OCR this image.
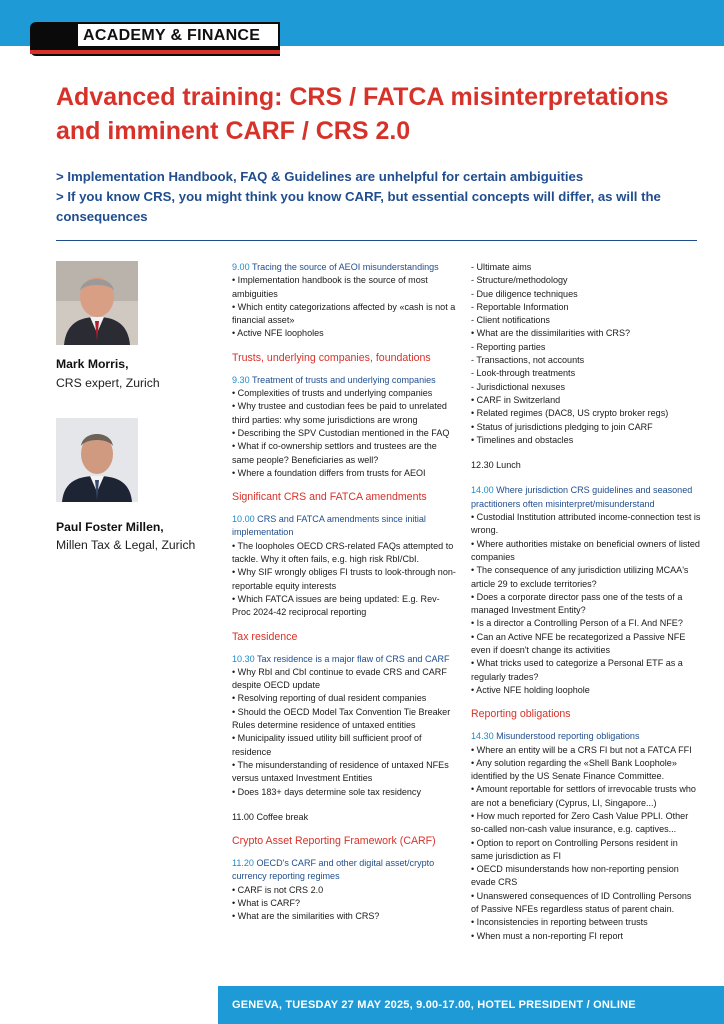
ACADEMY & FINANCE
Advanced training: CRS / FATCA misinterpretations and imminent CARF / CRS 2.0
> Implementation Handbook, FAQ & Guidelines are unhelpful for certain ambiguities
> If you know CRS, you might think you know CARF, but essential concepts will differ, as will the consequences
Mark Morris,
CRS expert, Zurich
Paul Foster Millen,
Millen Tax & Legal, Zurich
9.00 Tracing the source of AEOI misunderstandings
• Implementation handbook is the source of most ambiguities
• Which entity categorizations affected by «cash is not a financial asset»
• Active NFE loopholes
Trusts, underlying companies, foundations
9.30 Treatment of trusts and underlying companies
• Complexities of trusts and underlying companies
• Why trustee and custodian fees be paid to unrelated third parties: why some jurisdictions are wrong
• Describing the SPV Custodian mentioned in the FAQ
• What if co-ownership settlors and trustees are the same people? Beneficiaries as well?
• Where a foundation differs from trusts for AEOI
Significant CRS and FATCA amendments
10.00 CRS and FATCA amendments since initial implementation
• The loopholes OECD CRS-related FAQs attempted to tackle. Why it often fails, e.g. high risk RbI/CbI.
• Why SIF wrongly obliges FI trusts to look-through non-reportable equity interests
• Which FATCA issues are being updated: E.g. Rev-Proc 2024-42 reciprocal reporting
Tax residence
10.30 Tax residence is a major flaw of CRS and CARF
• Why RbI and CbI continue to evade CRS and CARF despite OECD update
• Resolving reporting of dual resident companies
• Should the OECD Model Tax Convention Tie Breaker Rules determine residence of untaxed entities
• Municipality issued utility bill sufficient proof of residence
• The misunderstanding of residence of untaxed NFEs versus untaxed Investment Entities
• Does 183+ days determine sole tax residency
11.00 Coffee break
Crypto Asset Reporting Framework (CARF)
11.20 OECD's CARF and other digital asset/crypto currency reporting regimes
• CARF is not CRS 2.0
• What is CARF?
• What are the similarities with CRS?
- Ultimate aims
- Structure/methodology
- Due diligence techniques
- Reportable Information
- Client notifications
• What are the dissimilarities with CRS?
- Reporting parties
- Transactions, not accounts
- Look-through treatments
- Jurisdictional nexuses
• CARF in Switzerland
• Related regimes (DAC8, US crypto broker regs)
• Status of jurisdictions pledging to join CARF
• Timelines and obstacles
12.30 Lunch
14.00 Where jurisdiction CRS guidelines and seasoned practitioners often misinterpret/misunderstand
• Custodial Institution attributed income-connection test is wrong.
• Where authorities mistake on beneficial owners of listed companies
• The consequence of any jurisdiction utilizing MCAA's article 29 to exclude territories?
• Does a corporate director pass one of the tests of a managed Investment Entity?
• Is a director a Controlling Person of a FI. And NFE?
• Can an Active NFE be recategorized a Passive NFE even if doesn't change its activities
• What tricks used to categorize a Personal ETF as a regularly trades?
• Active NFE holding loophole
Reporting obligations
14.30 Misunderstood reporting obligations
• Where an entity will be a CRS FI but not a FATCA FFI
• Any solution regarding the «Shell Bank Loophole» identified by the US Senate Finance Committee.
• Amount reportable for settlors of irrevocable trusts who are not a beneficiary (Cyprus, LI, Singapore...)
• How much reported for Zero Cash Value PPLI. Other so-called non-cash value insurance, e.g. captives...
• Option to report on Controlling Persons resident in same jurisdiction as FI
• OECD misunderstands how non-reporting pension evade CRS
• Unanswered consequences of ID Controlling Persons of Passive NFEs regardless status of parent chain.
• Inconsistencies in reporting between trusts
• When must a non-reporting FI report
GENEVA, TUESDAY 27 MAY 2025, 9.00-17.00, HOTEL PRESIDENT / ONLINE
